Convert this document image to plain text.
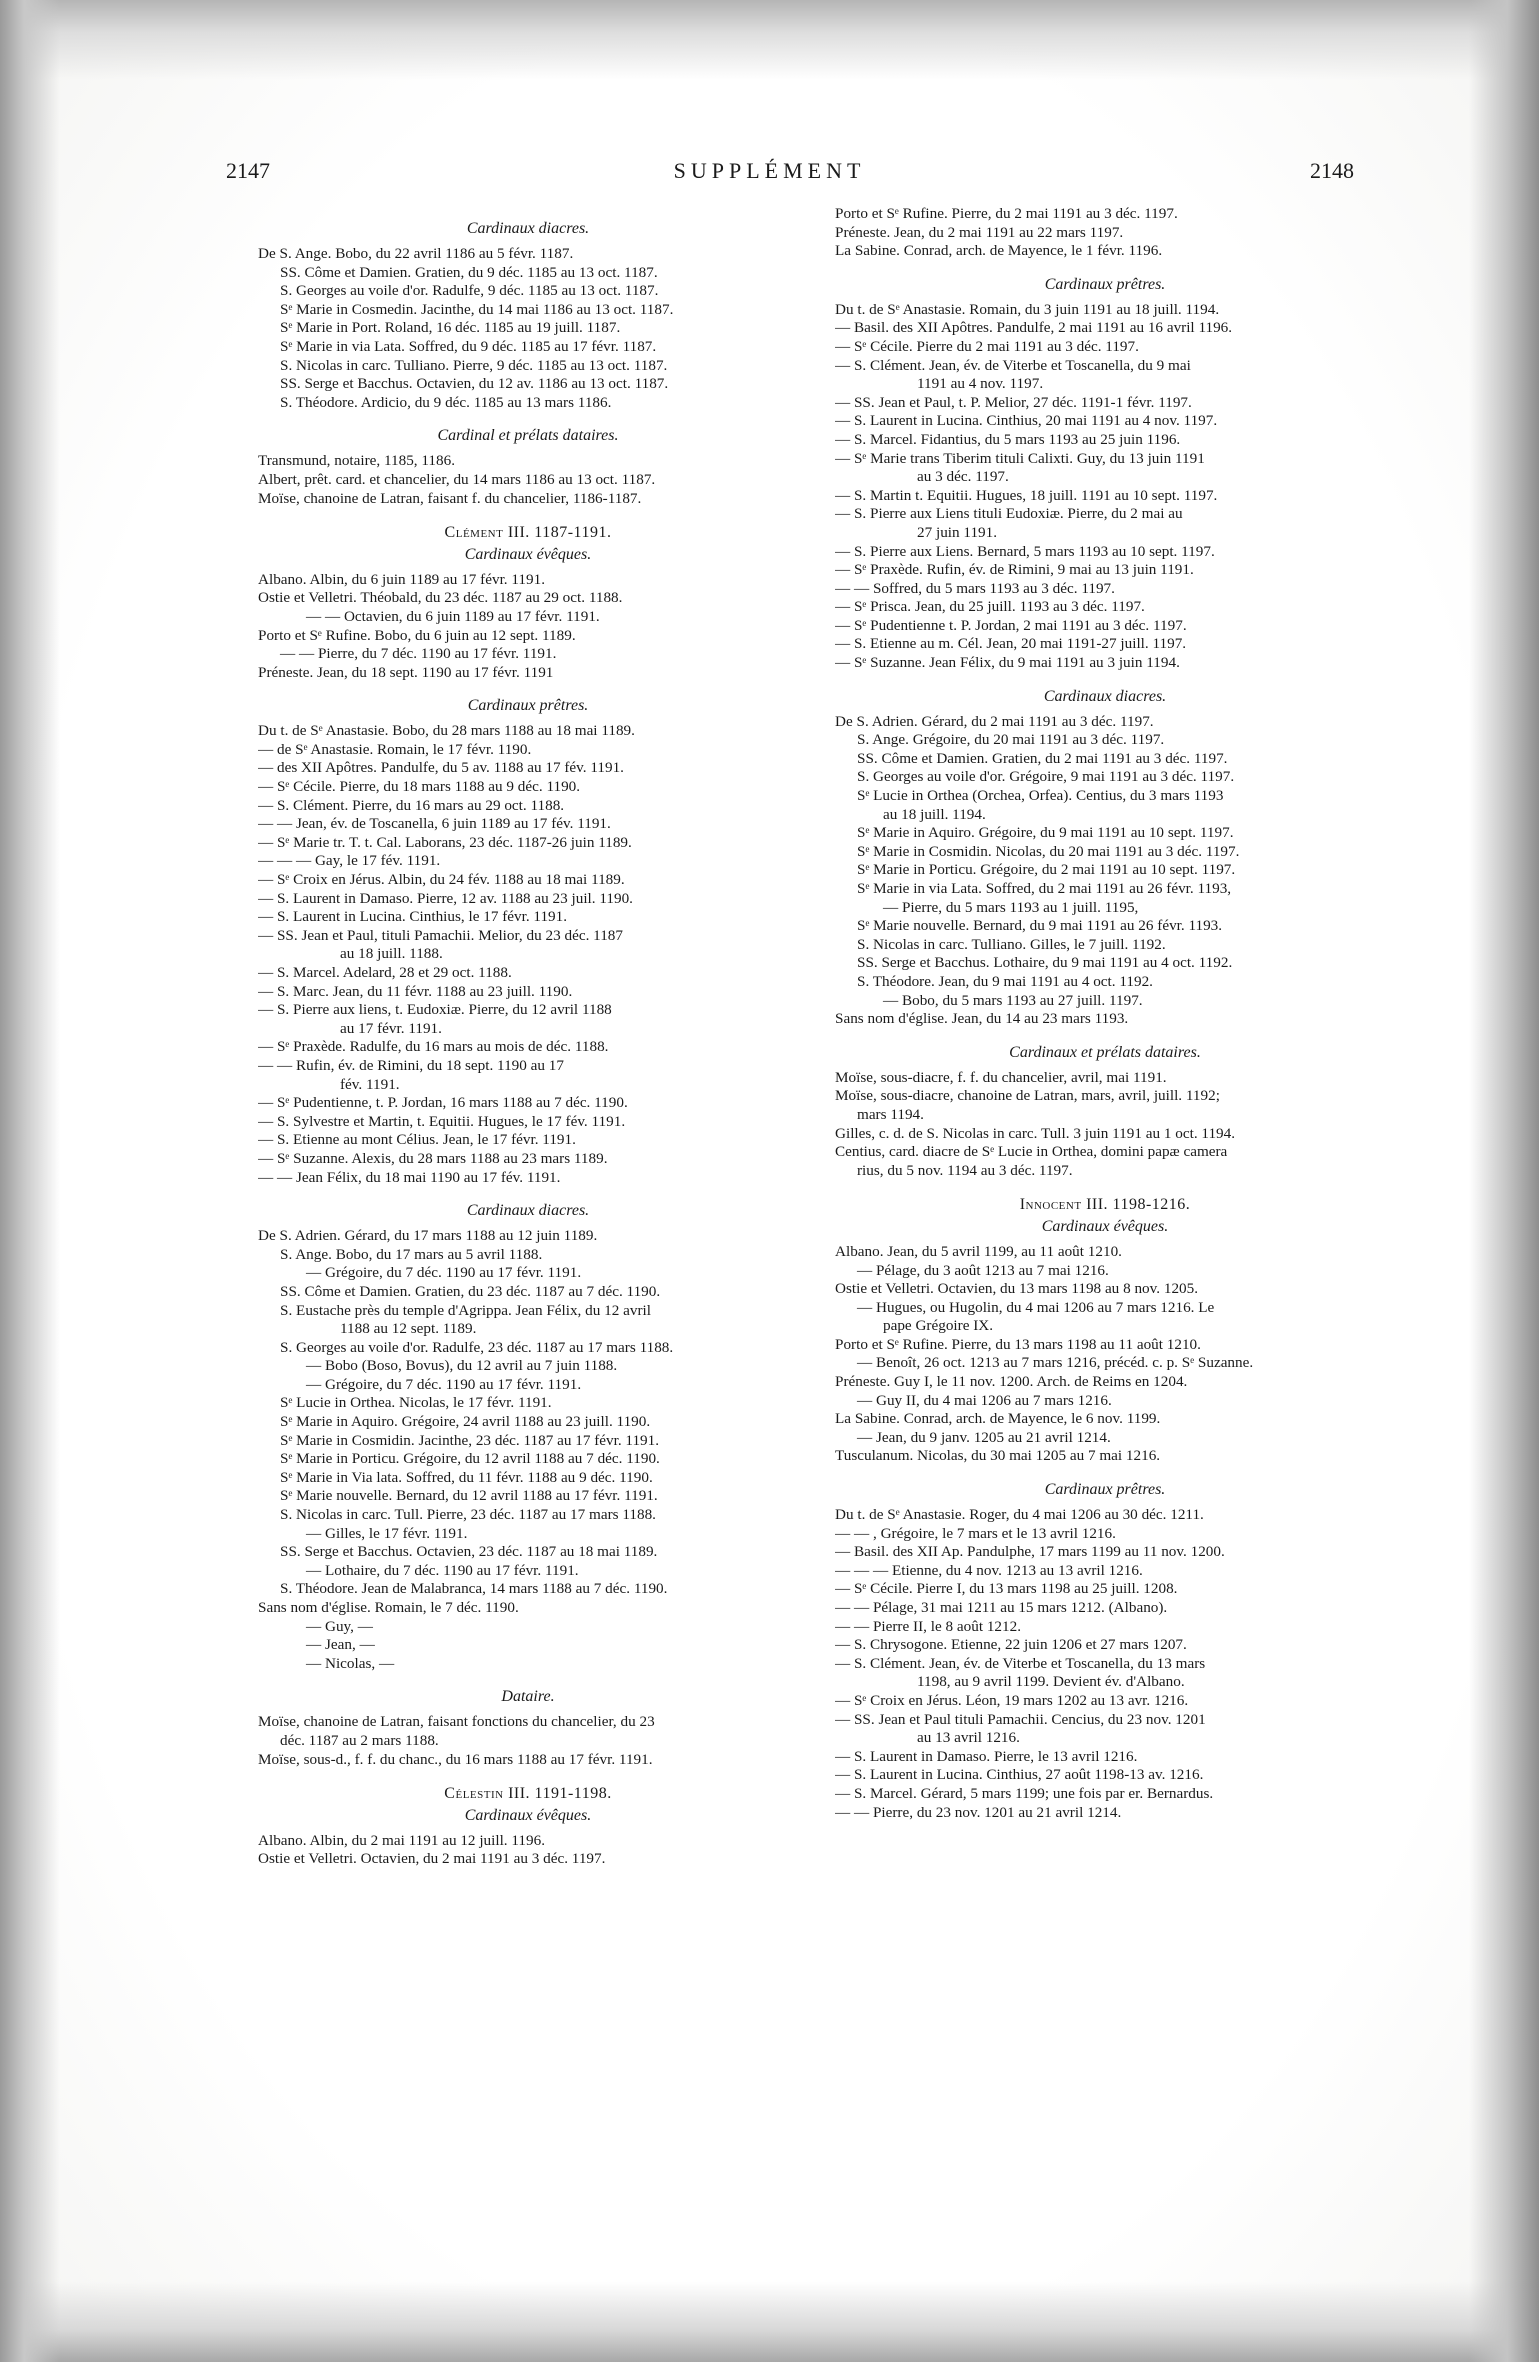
2147	SUPPLÉMENT	2148
Cardinaux diacres.
De S. Ange. Bobo, du 22 avril 1186 au 5 févr. 1187.
SS. Côme et Damien. Gratien, du 9 déc. 1185 au 13 oct. 1187.
S. Georges au voile d'or. Radulfe, 9 déc. 1185 au 13 oct. 1187.
Sᵉ Marie in Cosmedin. Jacinthe, du 14 mai 1186 au 13 oct. 1187.
Sᵉ Marie in Port. Roland, 16 déc. 1185 au 19 juill. 1187.
Sᵉ Marie in via Lata. Soffred, du 9 déc. 1185 au 17 févr. 1187.
S. Nicolas in carc. Tulliano. Pierre, 9 déc. 1185 au 13 oct. 1187.
SS. Serge et Bacchus. Octavien, du 12 av. 1186 au 13 oct. 1187.
S. Théodore. Ardicio, du 9 déc. 1185 au 13 mars 1186.
Cardinal et prélats dataires.
Transmund, notaire, 1185, 1186.
Albert, prêt. card. et chancelier, du 14 mars 1186 au 13 oct. 1187.
Moïse, chanoine de Latran, faisant f. du chancelier, 1186-1187.
Clément III. 1187-1191.
Cardinaux évêques.
Albano. Albin, du 6 juin 1189 au 17 févr. 1191.
Ostie et Velletri. Théobald, du 23 déc. 1187 au 29 oct. 1188.
— — Octavien, du 6 juin 1189 au 17 févr. 1191.
Porto et Sᵉ Rufine. Bobo, du 6 juin au 12 sept. 1189.
— — Pierre, du 7 déc. 1190 au 17 févr. 1191.
Préneste. Jean, du 18 sept. 1190 au 17 févr. 1191
Cardinaux prêtres.
Du t. de Sᵉ Anastasie. Bobo, du 28 mars 1188 au 18 mai 1189.
— de Sᵉ Anastasie. Romain, le 17 févr. 1190.
— des XII Apôtres. Pandulfe, du 5 av. 1188 au 17 fév. 1191.
— Sᵉ Cécile. Pierre, du 18 mars 1188 au 9 déc. 1190.
— S. Clément. Pierre, du 16 mars au 29 oct. 1188.
— — Jean, év. de Toscanella, 6 juin 1189 au 17 fév. 1191.
— Sᵉ Marie tr. T. t. Cal. Laborans, 23 déc. 1187-26 juin 1189.
— — — Gay, le 17 fév. 1191.
— Sᵉ Croix en Jérus. Albin, du 24 fév. 1188 au 18 mai 1189.
— S. Laurent in Damaso. Pierre, 12 av. 1188 au 23 juil. 1190.
— S. Laurent in Lucina. Cinthius, le 17 févr. 1191.
— SS. Jean et Paul, tituli Pamachii. Melior, du 23 déc. 1187
au 18 juill. 1188.
— S. Marcel. Adelard, 28 et 29 oct. 1188.
— S. Marc. Jean, du 11 févr. 1188 au 23 juill. 1190.
— S. Pierre aux liens, t. Eudoxiæ. Pierre, du 12 avril 1188
au 17 févr. 1191.
— Sᵉ Praxède. Radulfe, du 16 mars au mois de déc. 1188.
— — Rufin, év. de Rimini, du 18 sept. 1190 au 17
fév. 1191.
— Sᵉ Pudentienne, t. P. Jordan, 16 mars 1188 au 7 déc. 1190.
— S. Sylvestre et Martin, t. Equitii. Hugues, le 17 fév. 1191.
— S. Etienne au mont Célius. Jean, le 17 févr. 1191.
— Sᵉ Suzanne. Alexis, du 28 mars 1188 au 23 mars 1189.
— — Jean Félix, du 18 mai 1190 au 17 fév. 1191.
Cardinaux diacres.
De S. Adrien. Gérard, du 17 mars 1188 au 12 juin 1189.
S. Ange. Bobo, du 17 mars au 5 avril 1188.
— Grégoire, du 7 déc. 1190 au 17 févr. 1191.
SS. Côme et Damien. Gratien, du 23 déc. 1187 au 7 déc. 1190.
S. Eustache près du temple d'Agrippa. Jean Félix, du 12 avril
1188 au 12 sept. 1189.
S. Georges au voile d'or. Radulfe, 23 déc. 1187 au 17 mars 1188.
— Bobo (Boso, Bovus), du 12 avril au 7 juin 1188.
— Grégoire, du 7 déc. 1190 au 17 févr. 1191.
Sᵉ Lucie in Orthea. Nicolas, le 17 févr. 1191.
Sᵉ Marie in Aquiro. Grégoire, 24 avril 1188 au 23 juill. 1190.
Sᵉ Marie in Cosmidin. Jacinthe, 23 déc. 1187 au 17 févr. 1191.
Sᵉ Marie in Porticu. Grégoire, du 12 avril 1188 au 7 déc. 1190.
Sᵉ Marie in Via lata. Soffred, du 11 févr. 1188 au 9 déc. 1190.
Sᵉ Marie nouvelle. Bernard, du 12 avril 1188 au 17 févr. 1191.
S. Nicolas in carc. Tull. Pierre, 23 déc. 1187 au 17 mars 1188.
— Gilles, le 17 févr. 1191.
SS. Serge et Bacchus. Octavien, 23 déc. 1187 au 18 mai 1189.
— Lothaire, du 7 déc. 1190 au 17 févr. 1191.
S. Théodore. Jean de Malabranca, 14 mars 1188 au 7 déc. 1190.
Sans nom d'église. Romain, le 7 déc. 1190.
— Guy, —
— Jean, —
— Nicolas, —
Dataire.
Moïse, chanoine de Latran, faisant fonctions du chancelier, du 23
déc. 1187 au 2 mars 1188.
Moïse, sous-d., f. f. du chanc., du 16 mars 1188 au 17 févr. 1191.
Célestin III. 1191-1198.
Cardinaux évêques.
Albano. Albin, du 2 mai 1191 au 12 juill. 1196.
Ostie et Velletri. Octavien, du 2 mai 1191 au 3 déc. 1197.
Porto et Sᵉ Rufine. Pierre, du 2 mai 1191 au 3 déc. 1197.
Préneste. Jean, du 2 mai 1191 au 22 mars 1197.
La Sabine. Conrad, arch. de Mayence, le 1 févr. 1196.
Cardinaux prêtres.
Du t. de Sᵉ Anastasie. Romain, du 3 juin 1191 au 18 juill. 1194.
— Basil. des XII Apôtres. Pandulfe, 2 mai 1191 au 16 avril 1196.
— Sᵉ Cécile. Pierre du 2 mai 1191 au 3 déc. 1197.
— S. Clément. Jean, év. de Viterbe et Toscanella, du 9 mai
1191 au 4 nov. 1197.
— SS. Jean et Paul, t. P. Melior, 27 déc. 1191-1 févr. 1197.
— S. Laurent in Lucina. Cinthius, 20 mai 1191 au 4 nov. 1197.
— S. Marcel. Fidantius, du 5 mars 1193 au 25 juin 1196.
— Sᵉ Marie trans Tiberim tituli Calixti. Guy, du 13 juin 1191
au 3 déc. 1197.
— S. Martin t. Equitii. Hugues, 18 juill. 1191 au 10 sept. 1197.
— S. Pierre aux Liens tituli Eudoxiæ. Pierre, du 2 mai au
27 juin 1191.
— S. Pierre aux Liens. Bernard, 5 mars 1193 au 10 sept. 1197.
— Sᵉ Praxède. Rufin, év. de Rimini, 9 mai au 13 juin 1191.
— — Soffred, du 5 mars 1193 au 3 déc. 1197.
— Sᵉ Prisca. Jean, du 25 juill. 1193 au 3 déc. 1197.
— Sᵉ Pudentienne t. P. Jordan, 2 mai 1191 au 3 déc. 1197.
— S. Etienne au m. Cél. Jean, 20 mai 1191-27 juill. 1197.
— Sᵉ Suzanne. Jean Félix, du 9 mai 1191 au 3 juin 1194.
Cardinaux diacres.
De S. Adrien. Gérard, du 2 mai 1191 au 3 déc. 1197.
S. Ange. Grégoire, du 20 mai 1191 au 3 déc. 1197.
SS. Côme et Damien. Gratien, du 2 mai 1191 au 3 déc. 1197.
S. Georges au voile d'or. Grégoire, 9 mai 1191 au 3 déc. 1197.
Sᵉ Lucie in Orthea (Orchea, Orfea). Centius, du 3 mars 1193
au 18 juill. 1194.
Sᵉ Marie in Aquiro. Grégoire, du 9 mai 1191 au 10 sept. 1197.
Sᵉ Marie in Cosmidin. Nicolas, du 20 mai 1191 au 3 déc. 1197.
Sᵉ Marie in Porticu. Grégoire, du 2 mai 1191 au 10 sept. 1197.
Sᵉ Marie in via Lata. Soffred, du 2 mai 1191 au 26 févr. 1193,
— Pierre, du 5 mars 1193 au 1 juill. 1195,
Sᵉ Marie nouvelle. Bernard, du 9 mai 1191 au 26 févr. 1193.
S. Nicolas in carc. Tulliano. Gilles, le 7 juill. 1192.
SS. Serge et Bacchus. Lothaire, du 9 mai 1191 au 4 oct. 1192.
S. Théodore. Jean, du 9 mai 1191 au 4 oct. 1192.
— Bobo, du 5 mars 1193 au 27 juill. 1197.
Sans nom d'église. Jean, du 14 au 23 mars 1193.
Cardinaux et prélats dataires.
Moïse, sous-diacre, f. f. du chancelier, avril, mai 1191.
Moïse, sous-diacre, chanoine de Latran, mars, avril, juill. 1192;
mars 1194.
Gilles, c. d. de S. Nicolas in carc. Tull. 3 juin 1191 au 1 oct. 1194.
Centius, card. diacre de Sᵉ Lucie in Orthea, domini papæ camera
rius, du 5 nov. 1194 au 3 déc. 1197.
Innocent III. 1198-1216.
Cardinaux évêques.
Albano. Jean, du 5 avril 1199, au 11 août 1210.
— Pélage, du 3 août 1213 au 7 mai 1216.
Ostie et Velletri. Octavien, du 13 mars 1198 au 8 nov. 1205.
— Hugues, ou Hugolin, du 4 mai 1206 au 7 mars 1216. Le
pape Grégoire IX.
Porto et Sᵉ Rufine. Pierre, du 13 mars 1198 au 11 août 1210.
— Benoît, 26 oct. 1213 au 7 mars 1216, précéd. c. p. Sᵉ Suzanne.
Préneste. Guy I, le 11 nov. 1200. Arch. de Reims en 1204.
— Guy II, du 4 mai 1206 au 7 mars 1216.
La Sabine. Conrad, arch. de Mayence, le 6 nov. 1199.
— Jean, du 9 janv. 1205 au 21 avril 1214.
Tusculanum. Nicolas, du 30 mai 1205 au 7 mai 1216.
Cardinaux prêtres.
Du t. de Sᵉ Anastasie. Roger, du 4 mai 1206 au 30 déc. 1211.
— — , Grégoire, le 7 mars et le 13 avril 1216.
— Basil. des XII Ap. Pandulphe, 17 mars 1199 au 11 nov. 1200.
— — — Etienne, du 4 nov. 1213 au 13 avril 1216.
— Sᵉ Cécile. Pierre I, du 13 mars 1198 au 25 juill. 1208.
— — Pélage, 31 mai 1211 au 15 mars 1212. (Albano).
— — Pierre II, le 8 août 1212.
— S. Chrysogone. Etienne, 22 juin 1206 et 27 mars 1207.
— S. Clément. Jean, év. de Viterbe et Toscanella, du 13 mars
1198, au 9 avril 1199. Devient év. d'Albano.
— Sᵉ Croix en Jérus. Léon, 19 mars 1202 au 13 avr. 1216.
— SS. Jean et Paul tituli Pamachii. Cencius, du 23 nov. 1201
au 13 avril 1216.
— S. Laurent in Damaso. Pierre, le 13 avril 1216.
— S. Laurent in Lucina. Cinthius, 27 août 1198-13 av. 1216.
— S. Marcel. Gérard, 5 mars 1199; une fois par er. Bernardus.
— — Pierre, du 23 nov. 1201 au 21 avril 1214.
